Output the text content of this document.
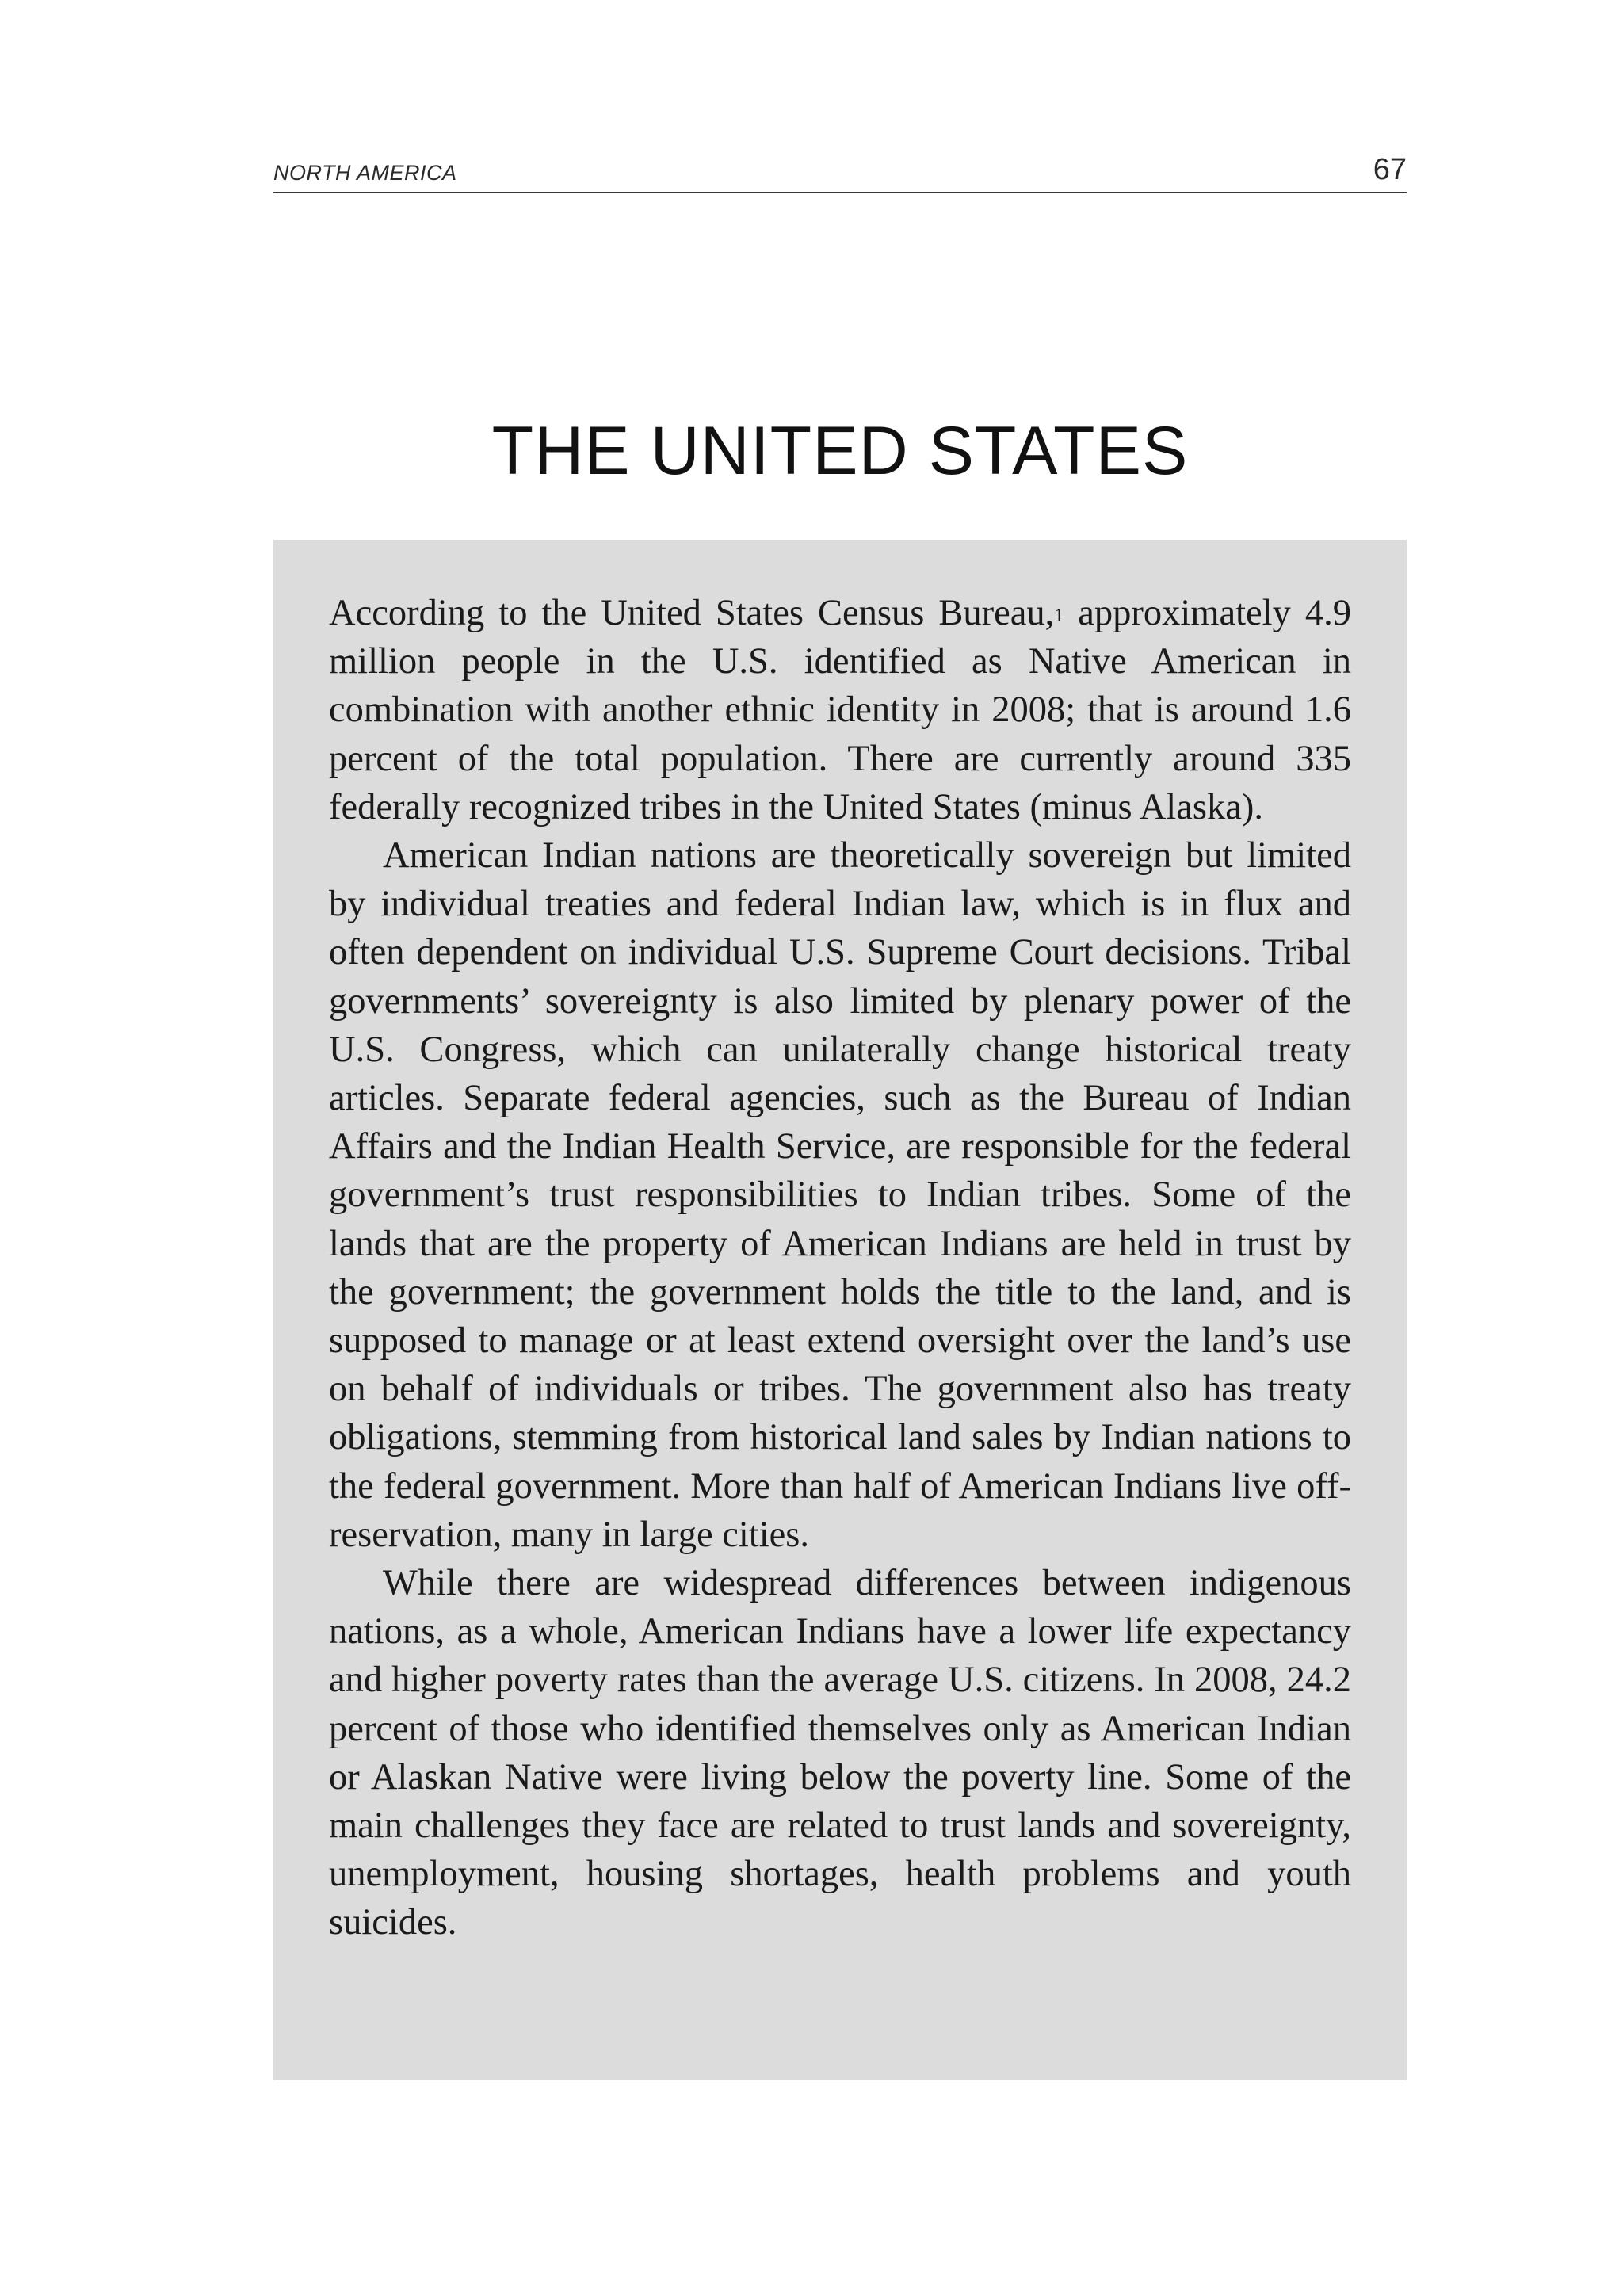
NORTH AMERICA	67
THE UNITED STATES

According to the United States Census Bureau,$^1$ approximately 4.9 million people in the U.S. identified as Native American in combination with another ethnic identity in 2008; that is around 1.6 percent of the total population. There are currently around 335 federally recognized tribes in the United States (minus Alaska).

American Indian nations are theoretically sovereign but limited by individual treaties and federal Indian law, which is in flux and often dependent on individual U.S. Supreme Court decisions. Tribal governments’ sovereignty is also limited by plenary power of the U.S. Congress, which can unilaterally change historical treaty articles. Separate federal agencies, such as the Bureau of Indian Affairs and the Indian Health Service, are responsible for the federal government’s trust responsibilities to Indian tribes. Some of the lands that are the property of American Indians are held in trust by the government; the government holds the title to the land, and is supposed to manage or at least extend oversight over the land’s use on behalf of individuals or tribes. The government also has treaty obligations, stemming from historical land sales by Indian nations to the federal government. More than half of American Indians live off-reservation, many in large cities.

While there are widespread differences between indigenous nations, as a whole, American Indians have a lower life expectancy and higher poverty rates than the average U.S. citizens. In 2008, 24.2 percent of those who identified themselves only as American Indian or Alaskan Native were living below the poverty line. Some of the main challenges they face are related to trust lands and sovereignty, unemployment, housing shortages, health problems and youth suicides.
